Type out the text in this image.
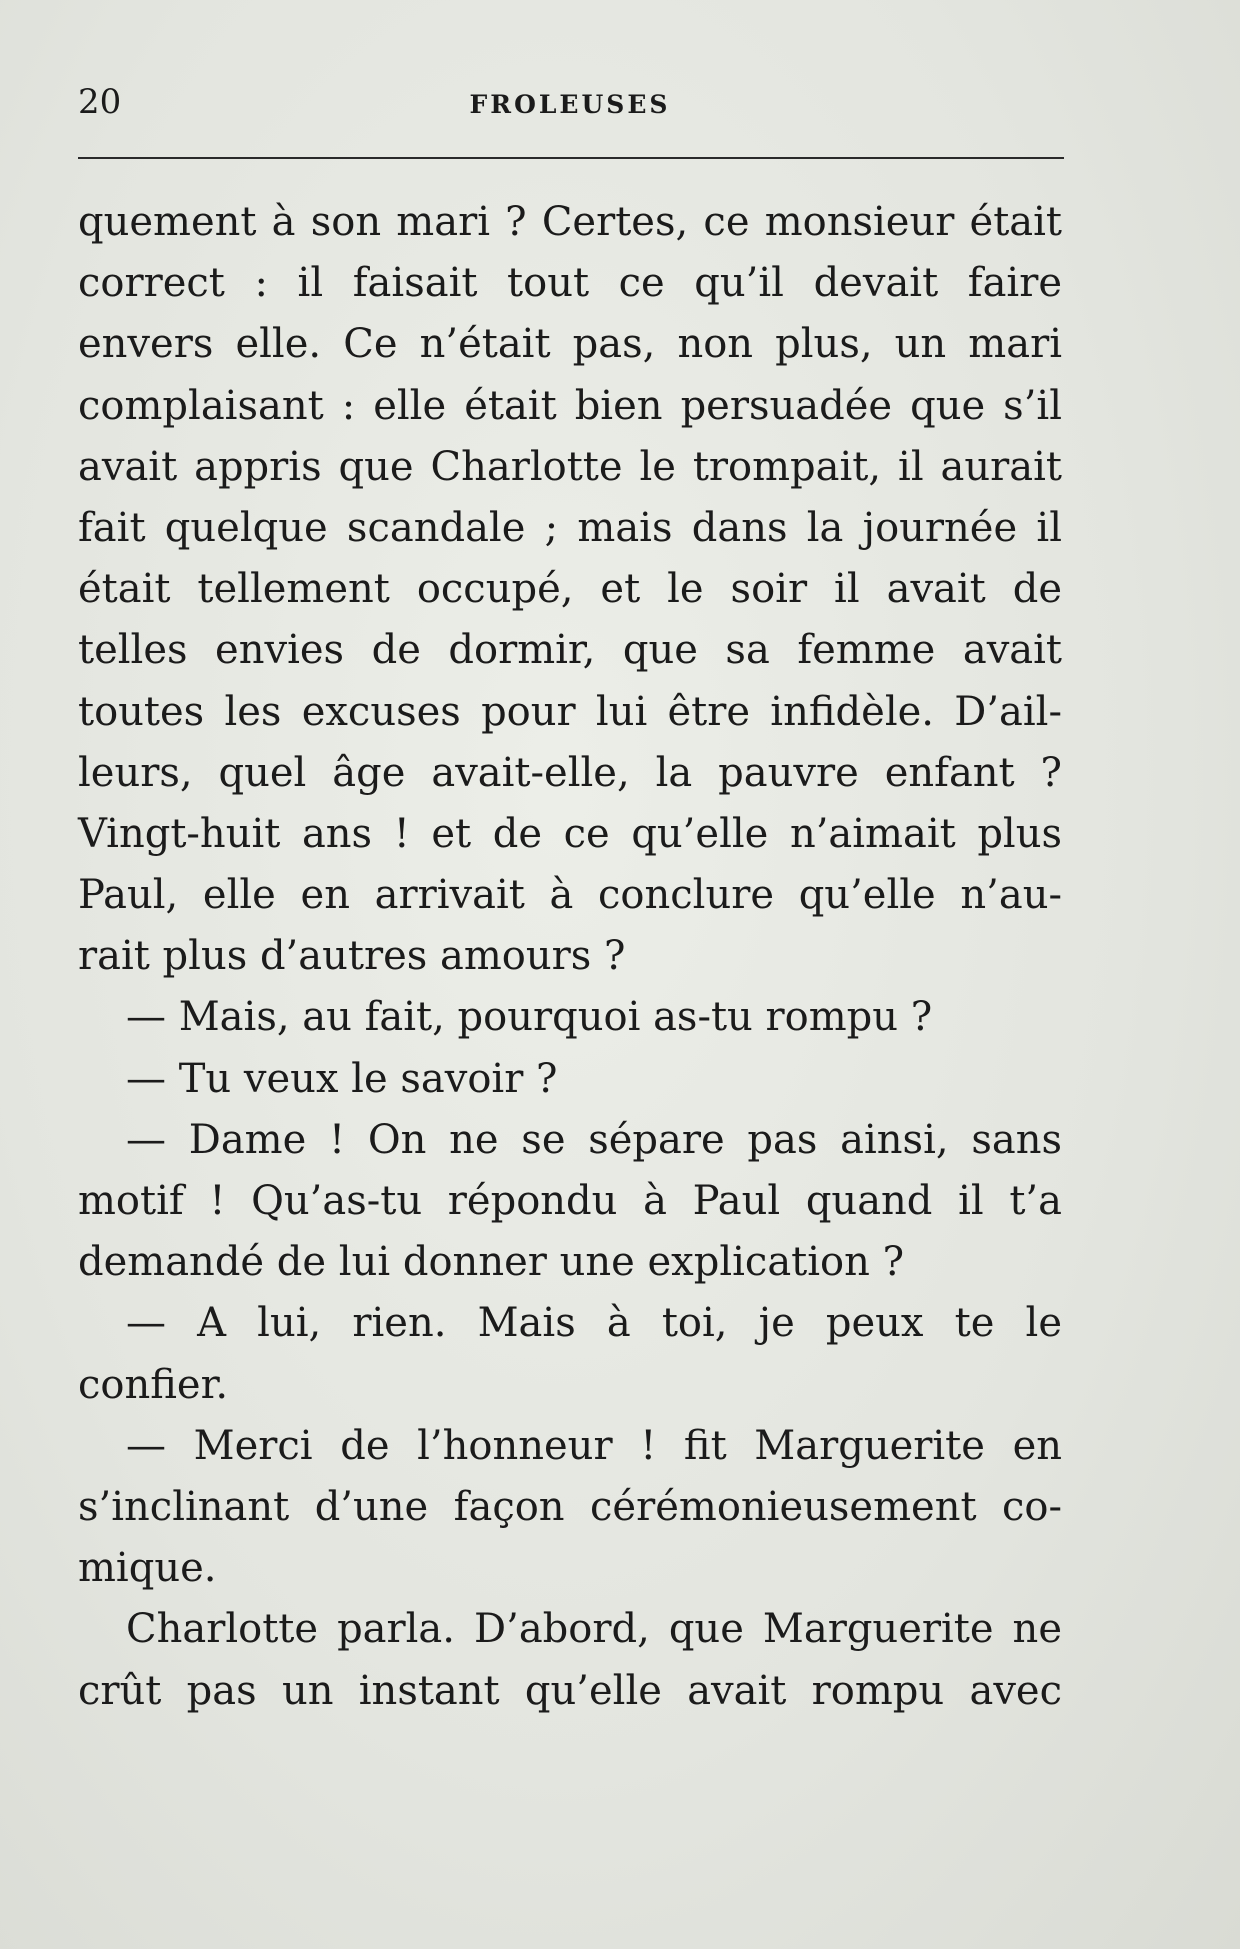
20	FROLEUSES
quement à son mari ? Certes, ce monsieur était
correct : il faisait tout ce qu’il devait faire
envers elle. Ce n’était pas, non plus, un mari
complaisant : elle était bien persuadée que s’il
avait appris que Charlotte le trompait, il aurait
fait quelque scandale ; mais dans la journée il
était tellement occupé, et le soir il avait de
telles envies de dormir, que sa femme avait
toutes les excuses pour lui être infidèle. D’ail-
leurs, quel âge avait-elle, la pauvre enfant ?
Vingt-huit ans ! et de ce qu’elle n’aimait plus
Paul, elle en arrivait à conclure qu’elle n’au-
rait plus d’autres amours ?
— Mais, au fait, pourquoi as-tu rompu ?
— Tu veux le savoir ?
— Dame ! On ne se sépare pas ainsi, sans
motif ! Qu’as-tu répondu à Paul quand il t’a
demandé de lui donner une explication ?
— A lui, rien. Mais à toi, je peux te le
confier.
— Merci de l’honneur ! fit Marguerite en
s’inclinant d’une façon cérémonieusement co-
mique.
Charlotte parla. D’abord, que Marguerite ne
crût pas un instant qu’elle avait rompu avec
